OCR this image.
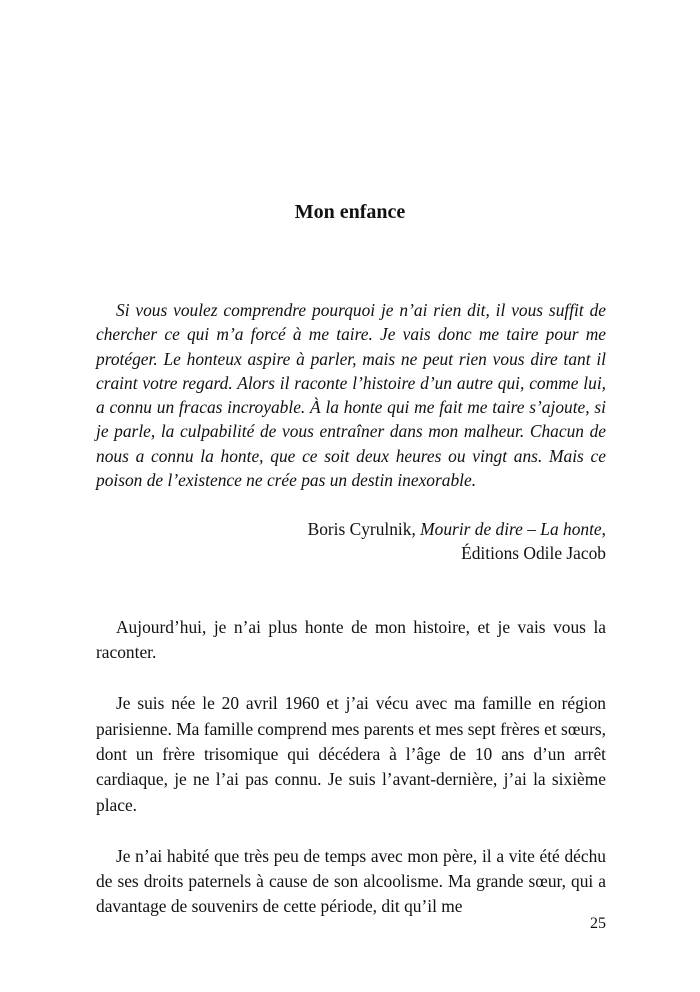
Mon enfance

Si vous voulez comprendre pourquoi je n’ai rien dit, il vous suffit de chercher ce qui m’a forcé à me taire. Je vais donc me taire pour me protéger. Le honteux aspire à parler, mais ne peut rien vous dire tant il craint votre regard. Alors il raconte l’histoire d’un autre qui, comme lui, a connu un fracas incroyable. À la honte qui me fait me taire s’ajoute, si je parle, la culpabilité de vous entraîner dans mon malheur. Chacun de nous a connu la honte, que ce soit deux heures ou vingt ans. Mais ce poison de l’existence ne crée pas un destin inexorable.

Boris Cyrulnik, Mourir de dire – La honte,
Éditions Odile Jacob

Aujourd’hui, je n’ai plus honte de mon histoire, et je vais vous la raconter.

Je suis née le 20 avril 1960 et j’ai vécu avec ma famille en région parisienne. Ma famille comprend mes parents et mes sept frères et sœurs, dont un frère trisomique qui décédera à l’âge de 10 ans d’un arrêt cardiaque, je ne l’ai pas connu. Je suis l’avant-dernière, j’ai la sixième place.

Je n’ai habité que très peu de temps avec mon père, il a vite été déchu de ses droits paternels à cause de son alcoolisme. Ma grande sœur, qui a davantage de souvenirs de cette période, dit qu’il me

25
